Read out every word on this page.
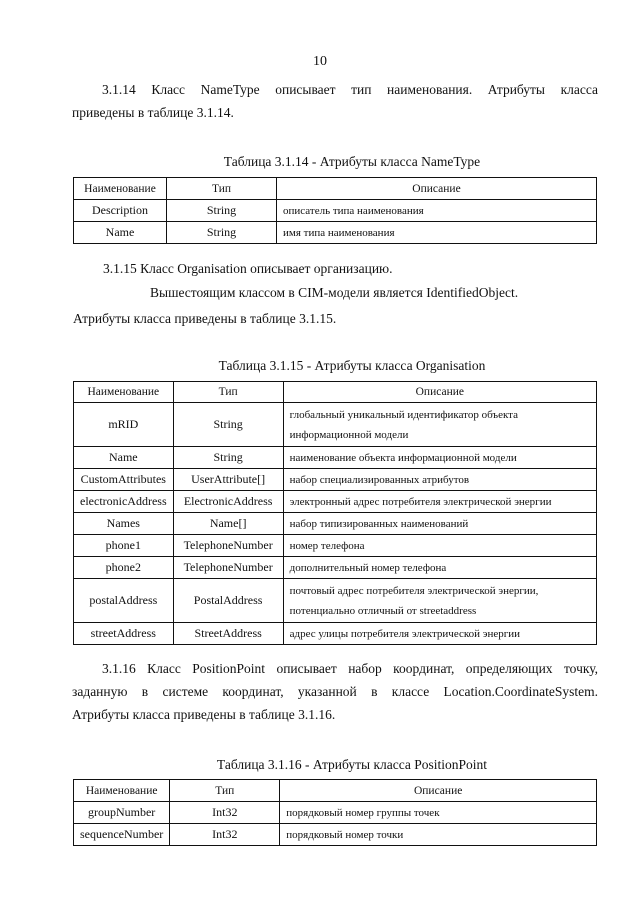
10

3.1.14 Класс NameType описывает тип наименования. Атрибуты класса
приведены в таблице 3.1.14.

Таблица 3.1.14 - Атрибуты класса NameType
Наименование	Тип	Описание
Description	String	описатель типа наименования
Name	String	имя типа наименования
3.1.15 Класс Organisation описывает организацию.
Вышестоящим классом в CIM-модели является IdentifiedObject.
Атрибуты класса приведены в таблице 3.1.15.
Таблица 3.1.15 - Атрибуты класса Organisation
Наименование	Тип	Описание
mRID	String	глобальный уникальный идентификатор объекта
информационной модели

Name	String	наименование объекта информационной модели
CustomAttributes	UserAttribute[]	набор специализированных атрибутов
electronicAddress	ElectronicAddress	электронный адрес потребителя электрической энергии
Names	Name[]	набор типизированных наименований
phone1	TelephoneNumber	номер телефона
phone2	TelephoneNumber	дополнительный номер телефона
postalAddress	PostalAddress	почтовый адрес потребителя электрической энергии,
потенциально отличный от streetaddress

streetAddress	StreetAddress	адрес улицы потребителя электрической энергии

3.1.16 Класс PositionPoint описывает набор координат, определяющих точку,
заданную в системе координат, указанной в классе Location.CoordinateSystem.
Атрибуты класса приведены в таблице 3.1.16.

Таблица 3.1.16 - Атрибуты класса PositionPoint
Наименование	Тип	Описание
groupNumber	Int32	порядковый номер группы точек
sequenceNumber	Int32	порядковый номер точки
